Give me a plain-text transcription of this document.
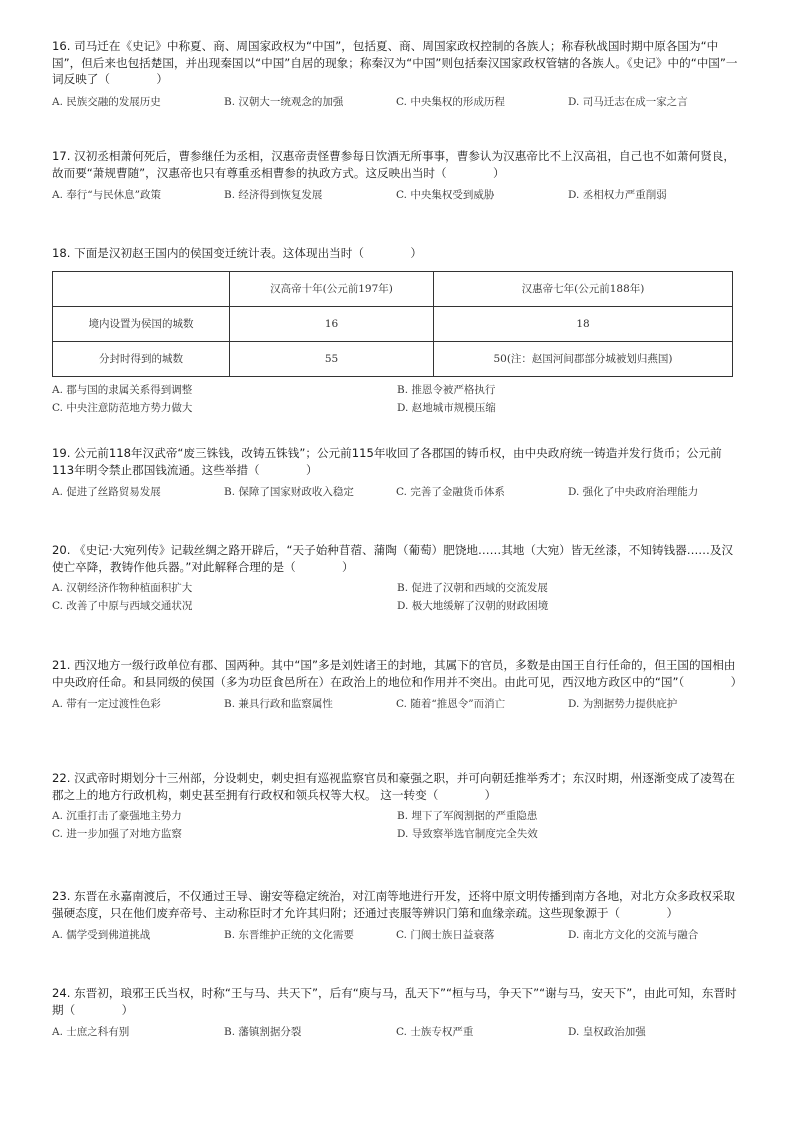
16. 司马迁在《史记》中称夏、商、周国家政权为“中国”，包括夏、商、周国家政权控制的各族人；称春秋战国时期中原各国为“中国”，但后来也包括楚国，并出现秦国以“中国”自居的现象；称秦汉为“中国”则包括秦汉国家政权管辖的各族人。《史记》中的“中国”一词反映了（　　　　）

A. 民族交融的发展历史	B. 汉朝大一统观念的加强	C. 中央集权的形成历程	D. 司马迁志在成一家之言

17. 汉初丞相萧何死后，曹参继任为丞相，汉惠帝责怪曹参每日饮酒无所事事，曹参认为汉惠帝比不上汉高祖，自己也不如萧何贤良，故而要“萧规曹随”，汉惠帝也只有尊重丞相曹参的执政方式。这反映出当时（　　　　）

A. 奉行“与民休息”政策	B. 经济得到恢复发展	C. 中央集权受到威胁	D. 丞相权力严重削弱

18. 下面是汉初赵王国内的侯国变迁统计表。这体现出当时（　　　　）

	汉高帝十年(公元前197年)	汉惠帝七年(公元前188年)
境内设置为侯国的城数	16	18
分封时得到的城数	55	50(注：赵国河间郡部分城被划归燕国)
A. 郡与国的隶属关系得到调整	B. 推恩令被严格执行
C. 中央注意防范地方势力做大	D. 赵地城市规模压缩

19. 公元前118年汉武帝“废三铢钱，改铸五铢钱”；公元前115年收回了各郡国的铸币权，由中央政府统一铸造并发行货币；公元前113年明令禁止郡国钱流通。这些举措（　　　　）

A. 促进了丝路贸易发展	B. 保障了国家财政收入稳定	C. 完善了金融货币体系	D. 强化了中央政府治理能力

20. 《史记·大宛列传》记载丝绸之路开辟后，“天子始种苜蓿、蒲陶（葡萄）肥饶地……其地（大宛）皆无丝漆，不知铸钱器……及汉使亡卒降，教铸作他兵器。”对此解释合理的是（　　　　）

A. 汉朝经济作物种植面积扩大	B. 促进了汉朝和西域的交流发展
C. 改善了中原与西域交通状况	D. 极大地缓解了汉朝的财政困境

21. 西汉地方一级行政单位有郡、国两种。其中“国”多是刘姓诸王的封地，其属下的官员，多数是由国王自行任命的，但王国的国相由中央政府任命。和县同级的侯国（多为功臣食邑所在）在政治上的地位和作用并不突出。由此可见，西汉地方政区中的“国”（　　　　）

A. 带有一定过渡性色彩	B. 兼具行政和监察属性	C. 随着“推恩令”而消亡	D. 为割据势力提供庇护

22. 汉武帝时期划分十三州部，分设刺史，刺史担有巡视监察官员和豪强之职，并可向朝廷推举秀才；东汉时期，州逐渐变成了凌驾在郡之上的地方行政机构，刺史甚至拥有行政权和领兵权等大权。 这一转变（　　　　）

A. 沉重打击了豪强地主势力	B. 埋下了军阀割据的严重隐患
C. 进一步加强了对地方监察	D. 导致察举选官制度完全失效

23. 东晋在永嘉南渡后，不仅通过王导、谢安等稳定统治，对江南等地进行开发，还将中原文明传播到南方各地，对北方众多政权采取强硬态度，只在他们废弃帝号、主动称臣时才允许其归附；还通过丧服等辨识门第和血缘亲疏。这些现象源于（　　　　）

A. 儒学受到佛道挑战	B. 东晋维护正统的文化需要	C. 门阀士族日益衰落	D. 南北方文化的交流与融合

24. 东晋初，琅邪王氏当权，时称“王与马、共天下”，后有“庾与马，乱天下”“桓与马，争天下”“谢与马，安天下”，由此可知，东晋时期（　　　　）

A. 士庶之科有别	B. 藩镇割据分裂	C. 士族专权严重	D. 皇权政治加强
